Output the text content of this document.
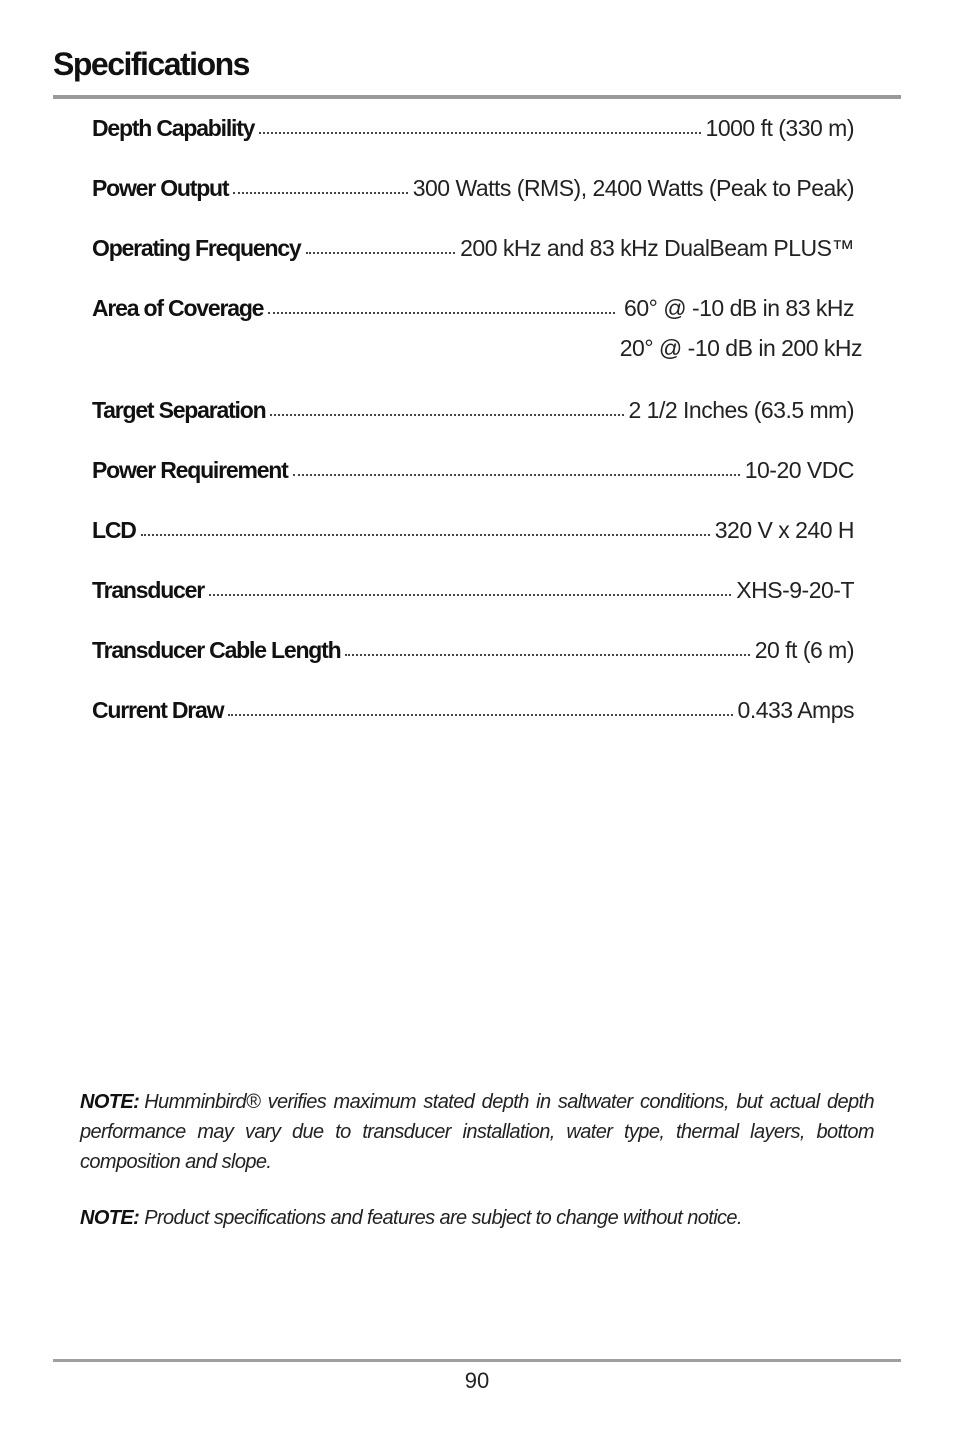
Specifications
Depth Capability	1000 ft (330 m)
Power Output	300 Watts (RMS), 2400 Watts (Peak to Peak)
Operating Frequency	200 kHz and 83 kHz DualBeam PLUS™
Area of Coverage	60° @ -10 dB in 83 kHz
20° @ -10 dB in 200 kHz
Target Separation	2 1/2 Inches (63.5 mm)
Power Requirement	10-20 VDC
LCD	320 V x 240 H
Transducer	XHS-9-20-T
Transducer Cable Length	20 ft (6 m)
Current Draw	0.433 Amps

NOTE: Humminbird® verifies maximum stated depth in saltwater conditions, but actual depth performance may vary due to transducer installation, water type, thermal layers, bottom composition and slope.

NOTE: Product specifications and features are subject to change without notice.

90
